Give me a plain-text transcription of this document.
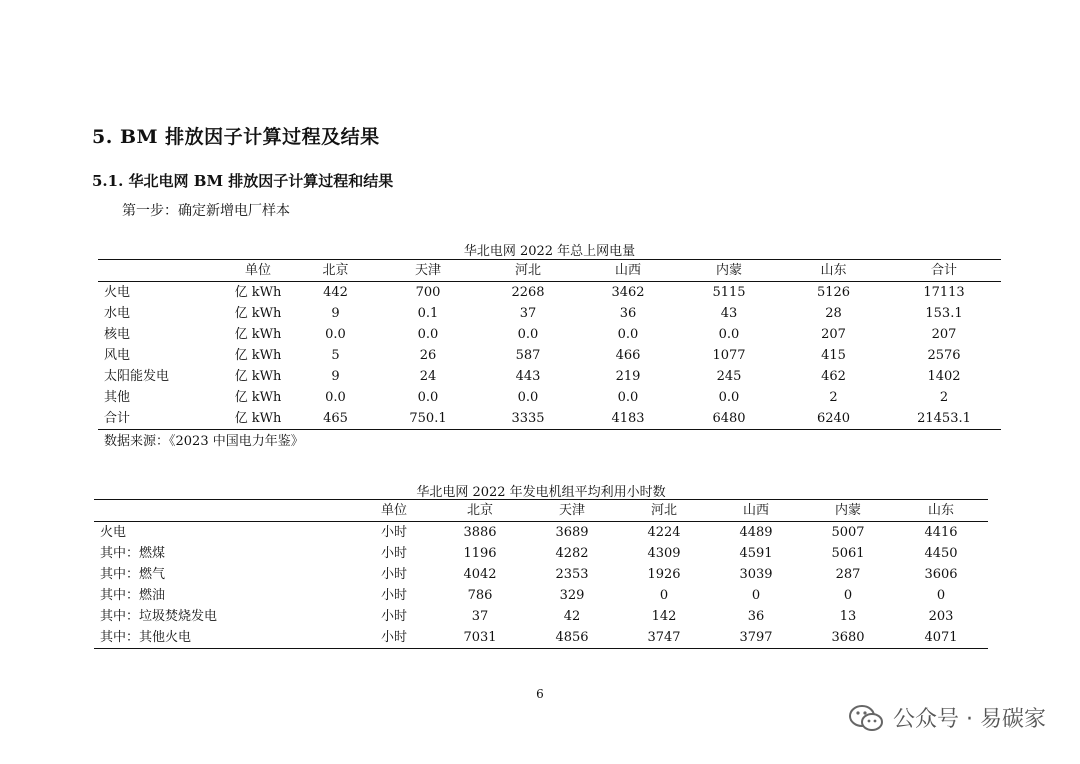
5. BM 排放因子计算过程及结果
5.1. 华北电网 BM 排放因子计算过程和结果
第一步：确定新增电厂样本
华北电网 2022 年总上网电量
	单位	北京	天津	河北	山西	内蒙	山东	合计
火电	亿 kWh	442	700	2268	3462	5115	5126	17113
水电	亿 kWh	9	0.1	37	36	43	28	153.1
核电	亿 kWh	0.0	0.0	0.0	0.0	0.0	207	207
风电	亿 kWh	5	26	587	466	1077	415	2576
太阳能发电	亿 kWh	9	24	443	219	245	462	1402
其他	亿 kWh	0.0	0.0	0.0	0.0	0.0	2	2
合计	亿 kWh	465	750.1	3335	4183	6480	6240	21453.1
数据来源：《2023 中国电力年鉴》
华北电网 2022 年发电机组平均利用小时数
	单位	北京	天津	河北	山西	内蒙	山东
火电	小时	3886	3689	4224	4489	5007	4416
其中：燃煤	小时	1196	4282	4309	4591	5061	4450
其中：燃气	小时	4042	2353	1926	3039	287	3606
其中：燃油	小时	786	329	0	0	0	0
其中：垃圾焚烧发电	小时	37	42	142	36	13	203
其中：其他火电	小时	7031	4856	3747	3797	3680	4071
6
公众号 · 易碳家
